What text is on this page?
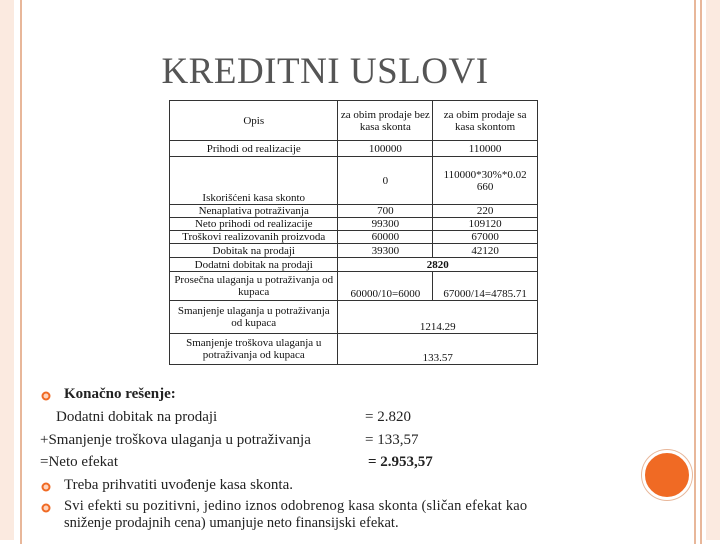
KREDITNI USLOVI
Opis	za obim prodaje bez kasa skonta	za obim prodaje sa kasa skontom
Prihodi od realizacije	100000	110000
Iskorišćeni kasa skonto	0	110000*30%*0.02 660
Nenaplativa potraživanja	700	220
Neto prihodi od realizacije	99300	109120
Troškovi realizovanih proizvoda	60000	67000
Dobitak na prodaji	39300	42120
Dodatni dobitak na prodaji	2820	
Prosečna ulaganja u potraživanja od kupaca	60000/10=6000	67000/14=4785.71
Smanjenje ulaganja u potraživanja od kupaca	1214.29	
Smanjenje troškova ulaganja u potraživanja od kupaca	133.57	
Konačno rešenje:
Dodatni dobitak na prodaji	= 2.820
+Smanjenje troškova ulaganja u potraživanja	= 133,57
=Neto efekat	= 2.953,57
Treba prihvatiti uvođenje kasa skonta.
Svi efekti su pozitivni, jedino iznos odobrenog kasa skonta (sličan efekat kao
sniženje prodajnih cena) umanjuje neto finansijski efekat.
